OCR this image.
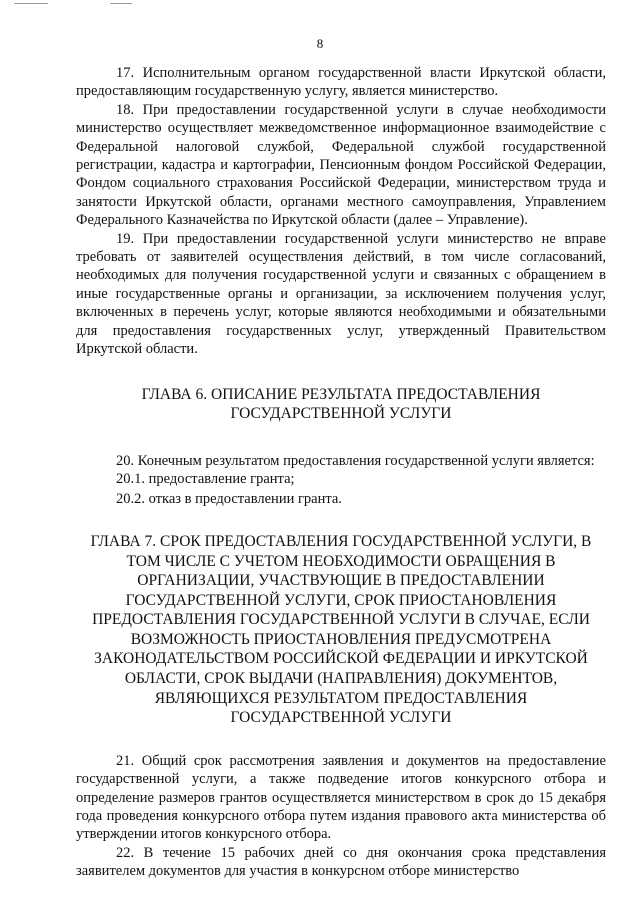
8

17. Исполнительным органом государственной власти Иркутской области, предоставляющим государственную услугу, является министерство.

18. При предоставлении государственной услуги в случае необходимости министерство осуществляет межведомственное информационное взаимодействие с Федеральной налоговой службой, Федеральной службой государственной регистрации, кадастра и картографии, Пенсионным фондом Российской Федерации, Фондом социального страхования Российской Федерации, министерством труда и занятости Иркутской области, органами местного самоуправления, Управлением Федерального Казначейства по Иркутской области (далее – Управление).

19. При предоставлении государственной услуги министерство не вправе требовать от заявителей осуществления действий, в том числе согласований, необходимых для получения государственной услуги и связанных с обращением в иные государственные органы и организации, за исключением получения услуг, включенных в перечень услуг, которые являются необходимыми и обязательными для предоставления государственных услуг, утвержденный Правительством Иркутской области.

ГЛАВА 6. ОПИСАНИЕ РЕЗУЛЬТАТА ПРЕДОСТАВЛЕНИЯ ГОСУДАРСТВЕННОЙ УСЛУГИ

20. Конечным результатом предоставления государственной услуги является:

20.1. предоставление гранта;

20.2. отказ в предоставлении гранта.

ГЛАВА 7. СРОК ПРЕДОСТАВЛЕНИЯ ГОСУДАРСТВЕННОЙ УСЛУГИ, В ТОМ ЧИСЛЕ С УЧЕТОМ НЕОБХОДИМОСТИ ОБРАЩЕНИЯ В ОРГАНИЗАЦИИ, УЧАСТВУЮЩИЕ В ПРЕДОСТАВЛЕНИИ ГОСУДАРСТВЕННОЙ УСЛУГИ, СРОК ПРИОСТАНОВЛЕНИЯ ПРЕДОСТАВЛЕНИЯ ГОСУДАРСТВЕННОЙ УСЛУГИ В СЛУЧАЕ, ЕСЛИ ВОЗМОЖНОСТЬ ПРИОСТАНОВЛЕНИЯ ПРЕДУСМОТРЕНА ЗАКОНОДАТЕЛЬСТВОМ РОССИЙСКОЙ ФЕДЕРАЦИИ И ИРКУТСКОЙ ОБЛАСТИ, СРОК ВЫДАЧИ (НАПРАВЛЕНИЯ) ДОКУМЕНТОВ, ЯВЛЯЮЩИХСЯ РЕЗУЛЬТАТОМ ПРЕДОСТАВЛЕНИЯ ГОСУДАРСТВЕННОЙ УСЛУГИ

21. Общий срок рассмотрения заявления и документов на предоставление государственной услуги, а также подведение итогов конкурсного отбора и определение размеров грантов осуществляется министерством в срок до 15 декабря года проведения конкурсного отбора путем издания правового акта министерства об утверждении итогов конкурсного отбора.

22. В течение 15 рабочих дней со дня окончания срока представления заявителем документов для участия в конкурсном отборе министерство
